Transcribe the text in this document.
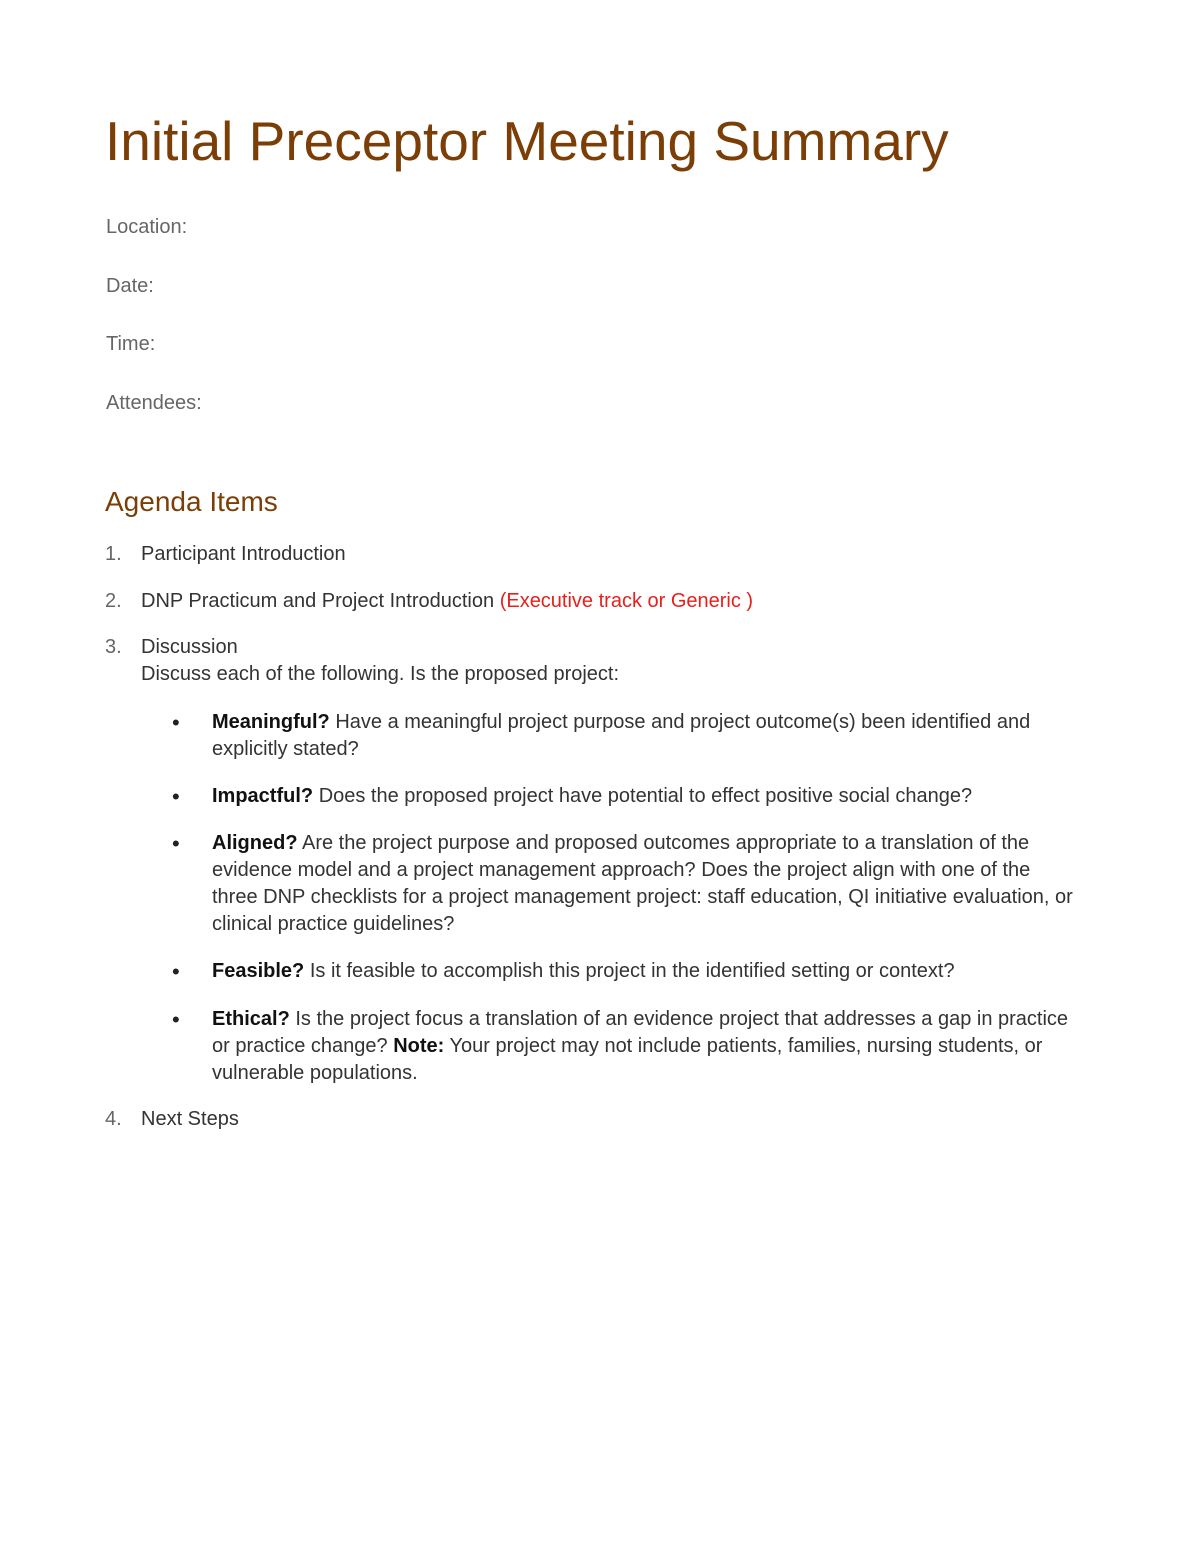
Initial Preceptor Meeting Summary

Location:

Date:

Time:

Attendees:

Agenda Items
1. Participant Introduction
2. DNP Practicum and Project Introduction (Executive track or Generic )
3. Discussion
Discuss each of the following. Is the proposed project:
•	Meaningful? Have a meaningful project purpose and project outcome(s) been identified and explicitly stated?
•	Impactful? Does the proposed project have potential to effect positive social change?
•	Aligned? Are the project purpose and proposed outcomes appropriate to a translation of the evidence model and a project management approach? Does the project align with one of the three DNP checklists for a project management project: staff education, QI initiative evaluation, or clinical practice guidelines?
•	Feasible? Is it feasible to accomplish this project in the identified setting or context?
•	Ethical? Is the project focus a translation of an evidence project that addresses a gap in practice or practice change? Note: Your project may not include patients, families, nursing students, or vulnerable populations.
4. Next Steps
